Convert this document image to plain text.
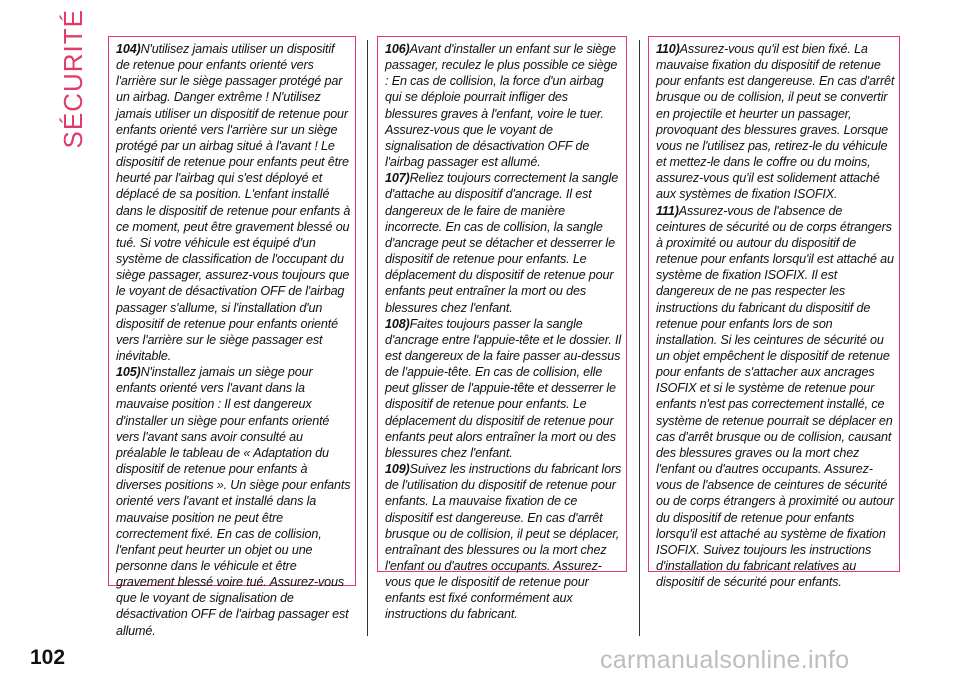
SÉCURITÉ 104)N'utilisez jamais utiliser un dispositif de retenue pour enfants orienté vers l'arrière sur le siège passager protégé par un airbag. Danger extrême ! N'utilisez jamais utiliser un dispositif de retenue pour enfants orienté vers l'arrière sur un siège protégé par un airbag situé à l'avant ! Le dispositif de retenue pour enfants peut être heurté par l'airbag qui s'est déployé et déplacé de sa position. L'enfant installé dans le dispositif de retenue pour enfants à ce moment, peut être gravement blessé ou tué. Si votre véhicule est équipé d'un système de classification de l'occupant du siège passager, assurez-vous toujours que le voyant de désactivation OFF de l'airbag passager s'allume, si l'installation d'un dispositif de retenue pour enfants orienté vers l'arrière sur le siège passager est inévitable.

105)N'installez jamais un siège pour enfants orienté vers l'avant dans la mauvaise position : Il est dangereux d'installer un siège pour enfants orienté vers l'avant sans avoir consulté au préalable le tableau de « Adaptation du dispositif de retenue pour enfants à diverses positions ». Un siège pour enfants orienté vers l'avant et installé dans la mauvaise position ne peut être correctement fixé. En cas de collision, l'enfant peut heurter un objet ou une personne dans le véhicule et être gravement blessé voire tué. Assurez-vous que le voyant de signalisation de désactivation OFF de l'airbag passager est allumé.

106)Avant d'installer un enfant sur le siège passager, reculez le plus possible ce siège : En cas de collision, la force d'un airbag qui se déploie pourrait infliger des blessures graves à l'enfant, voire le tuer. Assurez-vous que le voyant de signalisation de désactivation OFF de l'airbag passager est allumé.

107)Reliez toujours correctement la sangle d'attache au dispositif d'ancrage. Il est dangereux de le faire de manière incorrecte. En cas de collision, la sangle d'ancrage peut se détacher et desserrer le dispositif de retenue pour enfants. Le déplacement du dispositif de retenue pour enfants peut entraîner la mort ou des blessures chez l'enfant.

108)Faites toujours passer la sangle d'ancrage entre l'appuie-tête et le dossier. Il est dangereux de la faire passer au-dessus de l'appuie-tête. En cas de collision, elle peut glisser de l'appuie-tête et desserrer le dispositif de retenue pour enfants. Le déplacement du dispositif de retenue pour enfants peut alors entraîner la mort ou des blessures chez l'enfant.

109)Suivez les instructions du fabricant lors de l'utilisation du dispositif de retenue pour enfants. La mauvaise fixation de ce dispositif est dangereuse. En cas d'arrêt brusque ou de collision, il peut se déplacer, entraînant des blessures ou la mort chez l'enfant ou d'autres occupants. Assurez-vous que le dispositif de retenue pour enfants est fixé conformément aux instructions du fabricant.

110)Assurez-vous qu'il est bien fixé. La mauvaise fixation du dispositif de retenue pour enfants est dangereuse. En cas d'arrêt brusque ou de collision, il peut se convertir en projectile et heurter un passager, provoquant des blessures graves. Lorsque vous ne l'utilisez pas, retirez-le du véhicule et mettez-le dans le coffre ou du moins, assurez-vous qu'il est solidement attaché aux systèmes de fixation ISOFIX.

111)Assurez-vous de l'absence de ceintures de sécurité ou de corps étrangers à proximité ou autour du dispositif de retenue pour enfants lorsqu'il est attaché au système de fixation ISOFIX. Il est dangereux de ne pas respecter les instructions du fabricant du dispositif de retenue pour enfants lors de son installation. Si les ceintures de sécurité ou un objet empêchent le dispositif de retenue pour enfants de s'attacher aux ancrages ISOFIX et si le système de retenue pour enfants n'est pas correctement installé, ce système de retenue pourrait se déplacer en cas d'arrêt brusque ou de collision, causant des blessures graves ou la mort chez l'enfant ou d'autres occupants. Assurez-vous de l'absence de ceintures de sécurité ou de corps étrangers à proximité ou autour du dispositif de retenue pour enfants lorsqu'il est attaché au système de fixation ISOFIX. Suivez toujours les instructions d'installation du fabricant relatives au dispositif de sécurité pour enfants.

102	carmanualsonline.info
